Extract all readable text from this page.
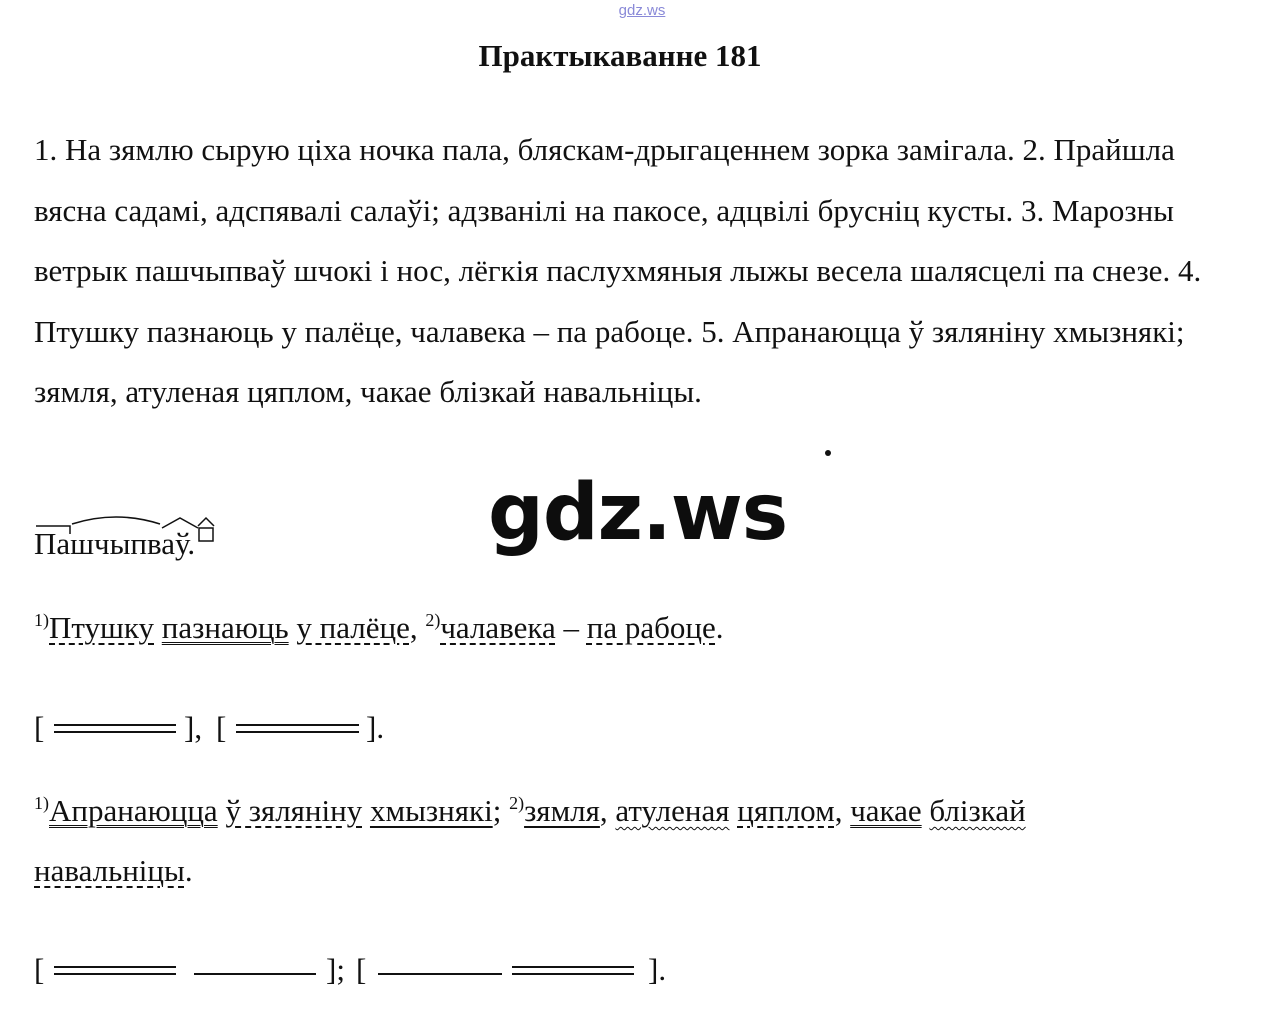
gdz.ws
Практыкаванне 181

1. На зямлю сырую ціха ночка пала, бляскам-дрыгаценнем зорка замігала. 2. Прайшла вясна садамі, адспявалі салаўі; адзванілі на пакосе, адцвілі брусніц кусты. 3. Марозны ветрык пашчыпваў шчокі і нос, лёгкія паслухмяныя лыжы весела шалясцелі па снезе. 4. Птушку пазнаюць у палёце, чалавека – па рабоце. 5. Апранаюцца ў зяляніну хмызнякі; зямля, атуленая цяплом, чакае блізкай навальніцы.

gdz.ws
Пашчыпваў.
$^{1)}$Птушку пазнаюць у палёце, $^{2)}$чалавека – па рабоце.
[	], [	].
$^{1)}$Апранаюцца ў зяляніну хмызнякі; $^{2)}$зямля, атуленая цяплом, чакае блізкай
навальніцы.
[	]; [	].
